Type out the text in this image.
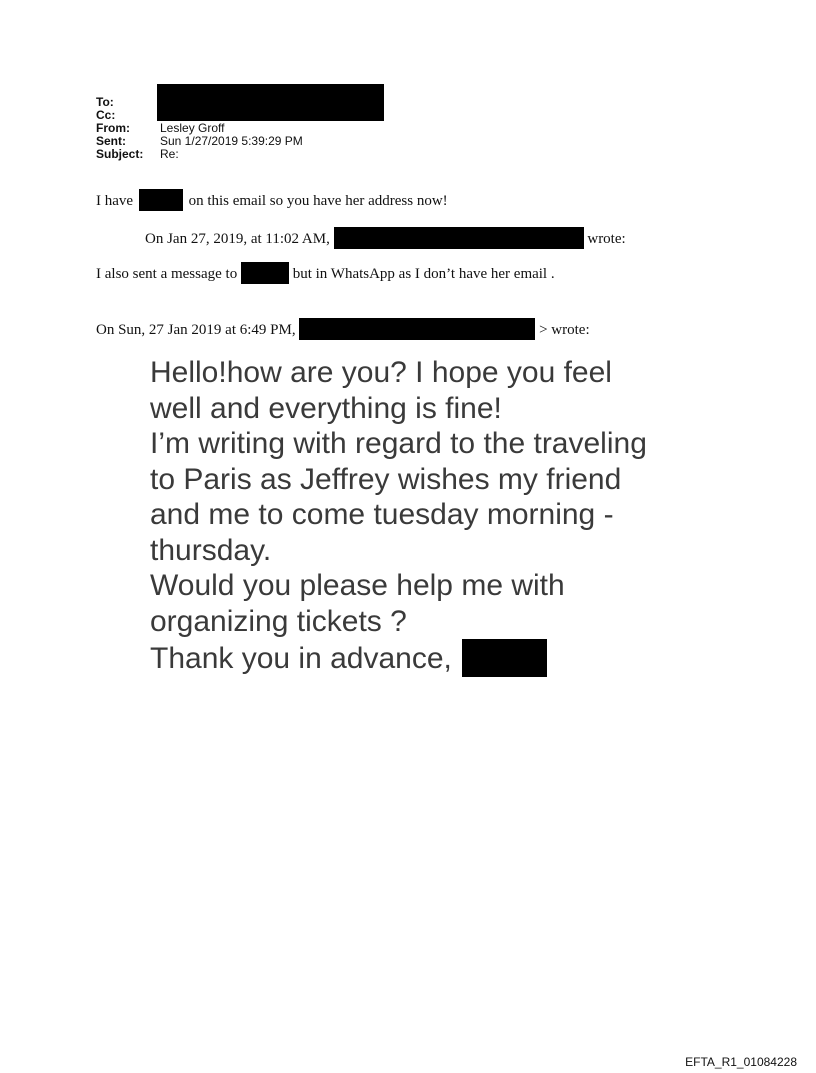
To:
Cc:
From:	Lesley Groff
Sent:	Sun 1/27/2019 5:39:29 PM
Subject: Re:
I have	on this email so you have her address now!
On Jan 27, 2019, at 11:02 AM,	wrote:
I also sent a message to	but in WhatsApp as I don’t have her email .
On Sun, 27 Jan 2019 at 6:49 PM,	> wrote:
Hello!how are you? I hope you feel
well and everything is fine!
I’m writing with regard to the traveling
to Paris as Jeffrey wishes my friend
and me to come tuesday morning -
thursday.
Would you please help me with
organizing tickets ?
Thank you in advance,
EFTA_R1_01084228
